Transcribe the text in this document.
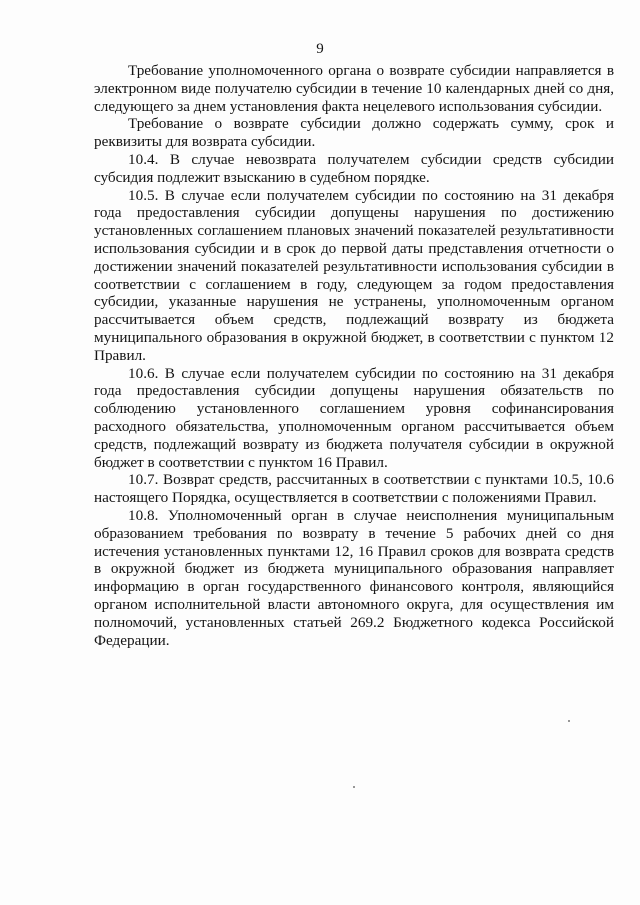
9

Требование уполномоченного органа о возврате субсидии направляется в электронном виде получателю субсидии в течение 10 календарных дней со дня, следующего за днем установления факта нецелевого использования субсидии.

Требование о возврате субсидии должно содержать сумму, срок и реквизиты для возврата субсидии.

10.4. В случае невозврата получателем субсидии средств субсидии субсидия подлежит взысканию в судебном порядке.

10.5. В случае если получателем субсидии по состоянию на 31 декабря года предоставления субсидии допущены нарушения по достижению установленных соглашением плановых значений показателей результативности использования субсидии и в срок до первой даты представления отчетности о достижении значений показателей результативности использования субсидии в соответствии с соглашением в году, следующем за годом предоставления субсидии, указанные нарушения не устранены, уполномоченным органом рассчитывается объем средств, подлежащий возврату из бюджета муниципального образования в окружной бюджет, в соответствии с пунктом 12 Правил.

10.6. В случае если получателем субсидии по состоянию на 31 декабря года предоставления субсидии допущены нарушения обязательств по соблюдению установленного соглашением уровня софинансирования расходного обязательства, уполномоченным органом рассчитывается объем средств, подлежащий возврату из бюджета получателя субсидии в окружной бюджет в соответствии с пунктом 16 Правил.

10.7. Возврат средств, рассчитанных в соответствии с пунктами 10.5, 10.6 настоящего Порядка, осуществляется в соответствии с положениями Правил.

10.8. Уполномоченный орган в случае неисполнения муниципальным образованием требования по возврату в течение 5 рабочих дней со дня истечения установленных пунктами 12, 16 Правил сроков для возврата средств в окружной бюджет из бюджета муниципального образования направляет информацию в орган государственного финансового контроля, являющийся органом исполнительной власти автономного округа, для осуществления им полномочий, установленных статьей 269.2 Бюджетного кодекса Российской Федерации.
